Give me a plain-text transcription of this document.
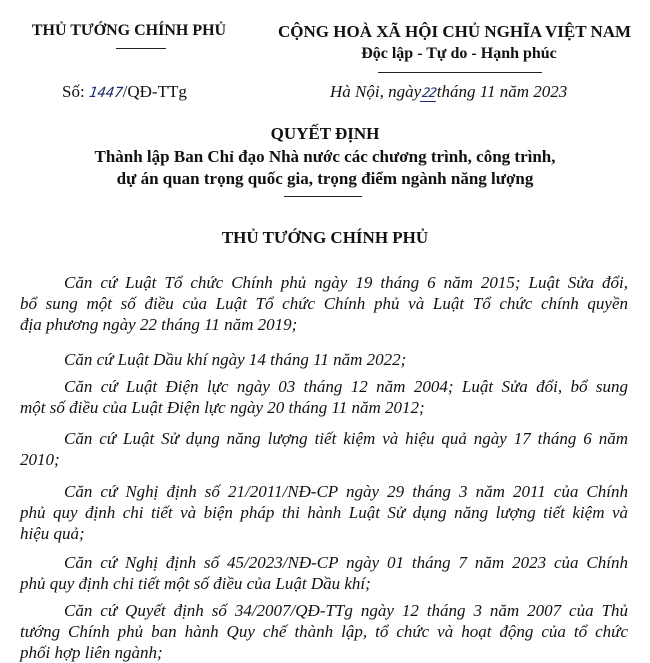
THỦ TƯỚNG CHÍNH PHỦ	CỘNG HOÀ XÃ HỘI CHỦ NGHĨA VIỆT NAM
Độc lập - Tự do - Hạnh phúc
Số: 1447/QĐ-TTg	Hà Nội, ngày22tháng 11 năm 2023
QUYẾT ĐỊNH
Thành lập Ban Chỉ đạo Nhà nước các chương trình, công trình,
dự án quan trọng quốc gia, trọng điểm ngành năng lượng
THỦ TƯỚNG CHÍNH PHỦ
Căn cứ Luật Tổ chức Chính phủ ngày 19 tháng 6 năm 2015; Luật Sửa đổi,
bổ sung một số điều của Luật Tổ chức Chính phủ và Luật Tổ chức chính quyền
địa phương ngày 22 tháng 11 năm 2019;
Căn cứ Luật Dầu khí ngày 14 tháng 11 năm 2022;
Căn cứ Luật Điện lực ngày 03 tháng 12 năm 2004; Luật Sửa đổi, bổ sung
một số điều của Luật Điện lực ngày 20 tháng 11 năm 2012;
Căn cứ Luật Sử dụng năng lượng tiết kiệm và hiệu quả ngày 17 tháng 6 năm
2010;
Căn cứ Nghị định số 21/2011/NĐ-CP ngày 29 tháng 3 năm 2011 của Chính
phủ quy định chi tiết và biện pháp thi hành Luật Sử dụng năng lượng tiết kiệm và
hiệu quả;
Căn cứ Nghị định số 45/2023/NĐ-CP ngày 01 tháng 7 năm 2023 của Chính
phủ quy định chi tiết một số điều của Luật Dầu khí;
Căn cứ Quyết định số 34/2007/QĐ-TTg ngày 12 tháng 3 năm 2007 của Thủ
tướng Chính phủ ban hành Quy chế thành lập, tổ chức và hoạt động của tổ chức
phối hợp liên ngành;
